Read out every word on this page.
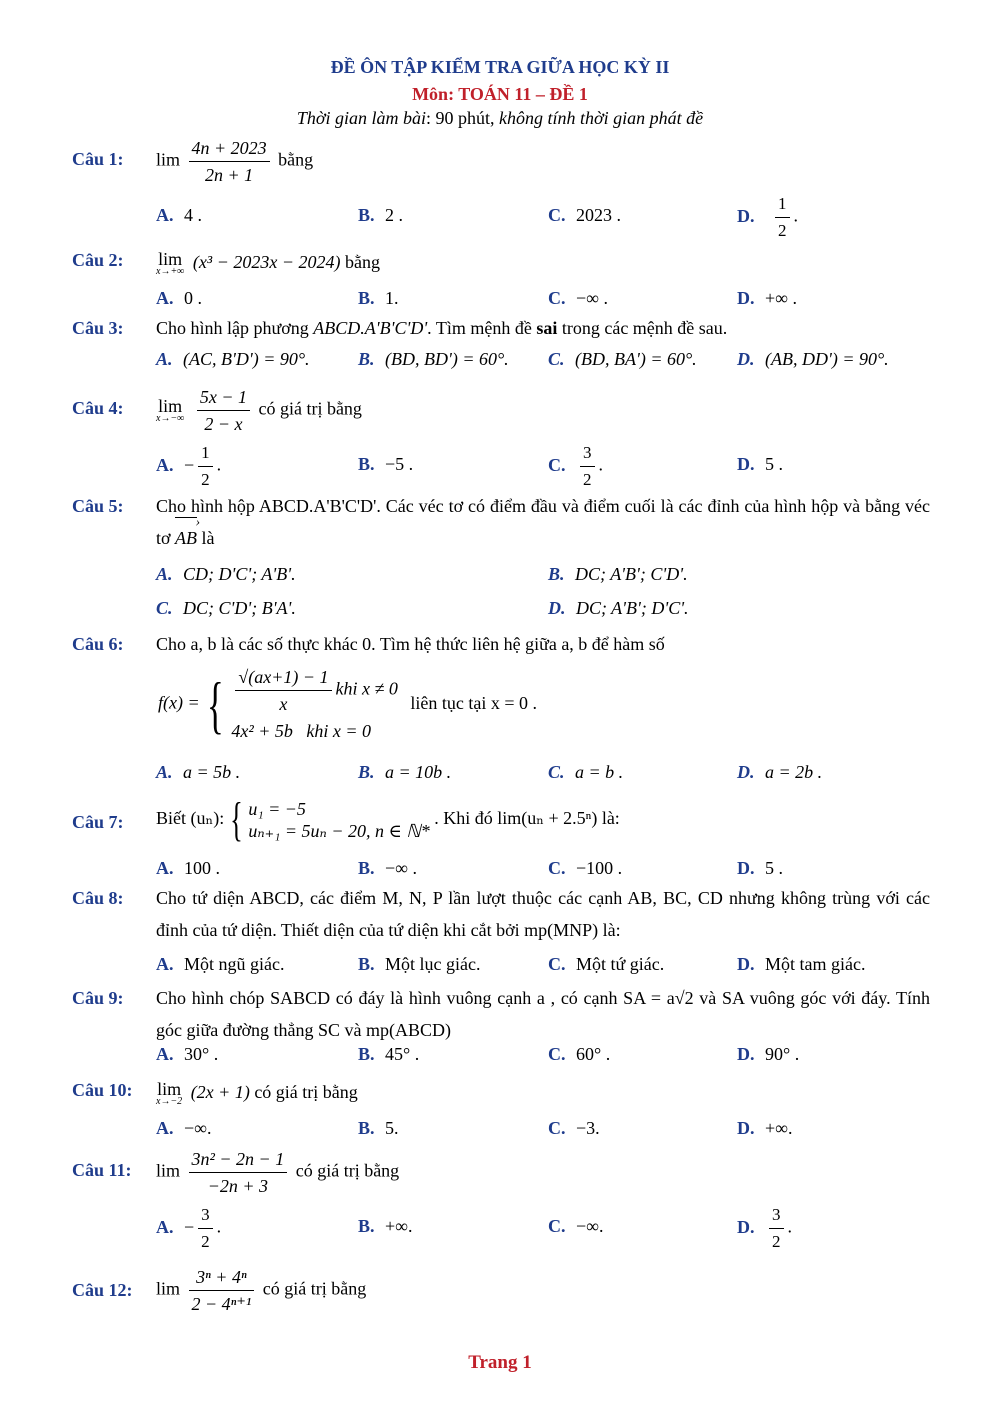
ĐỀ ÔN TẬP KIỂM TRA GIỮA HỌC KỲ II
Môn: TOÁN 11 – ĐỀ 1
Thời gian làm bài: 90 phút, không tính thời gian phát đề
Câu 1: $\lim \frac{4n + 2023}{2n + 1}$ bằng
A. 4 .	B. 2 .	C. 2023 .	D. $\frac{1}{2}$ .
Câu 2: lim
x→+∞ (x³ − 2023x − 2024) bằng
A. 0 .	B. 1.	C. −∞ .	D. +∞ .
Câu 3: Cho hình lập phương ABCD.A'B'C'D'. Tìm mệnh đề sai trong các mệnh đề sau.
A. (AC, B'D') = 90°.	B. (BD, BD') = 60°. C. (BD, BA') = 60°. D. (AB, DD') = 90°.
Câu 4: lim
x→−∞
$\frac{5x - 1}{2 - x}$ có giá trị bằng
A. − $\frac{1}{2}$ .	B. −5 .	C. $\frac{3}{2}$ .	D. 5 .
Câu 5: Cho hình hộp ABCD.A'B'C'D'. Các véc tơ có điểm đầu và điểm cuối là các đỉnh của hình hộp và bằng véc tơ AB › là
A. CD; D'C'; A'B'.	B. DC; A'B'; C'D'.
C. DC; C'D'; B'A'.	D. DC; A'B'; D'C'.
Câu 6: Cho a, b là các số thực khác 0. Tìm hệ thức liên hệ giữa a, b để hàm số
f(x) = { $\frac{√(ax+1) - 1}{x}$ khi x ≠ 0
4x² + 5b khi x = 0
liên tục tại x = 0 .
A. a = 5b .	B. a = 10b .	C. a = b .	D. a = 2b .
Câu 7: Biết (uₙ): { u₁ = −5
uₙ₊₁ = 5uₙ − 20, n ∈ ℕ*
. Khi đó lim(uₙ + 2.5ⁿ) là:
A. 100 .	B. −∞ .	C. −100 .	D. 5 .
Câu 8: Cho tứ diện ABCD, các điểm M, N, P lần lượt thuộc các cạnh AB, BC, CD nhưng không trùng với các đỉnh của tứ diện. Thiết diện của tứ diện khi cắt bởi mp(MNP) là:
A. Một ngũ giác.	B. Một lục giác.	C. Một tứ giác.	D. Một tam giác.
Câu 9: Cho hình chóp SABCD có đáy là hình vuông cạnh a , có cạnh SA = a√2 và SA vuông góc với đáy. Tính góc giữa đường thẳng SC và mp(ABCD)
A. 30° .	B. 45° .	C. 60° .	D. 90° .
Câu 10: lim
x→−2 (2x + 1) có giá trị bằng
A. −∞.	B. 5.	C. −3.	D. +∞.
Câu 11: $\lim \frac{\text{3n² − 2n − 1}}{-2n + 3}$ có giá trị bằng
A. − $\frac{3}{2}$ .	B. +∞.	C. −∞.	D. $\frac{3}{2}$ .
Câu 12: $\lim \frac{\text{3ⁿ + 4ⁿ}}{\text{2 − 4ⁿ⁺¹}}$ có giá trị bằng
Trang 1
